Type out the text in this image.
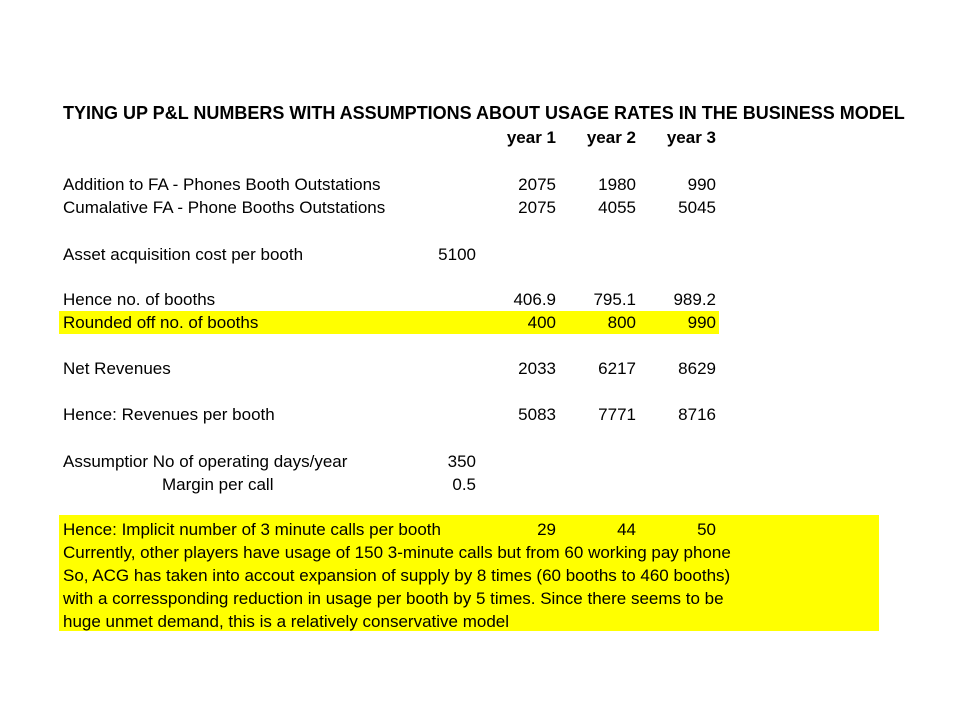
TYING UP P&L NUMBERS WITH ASSUMPTIONS ABOUT USAGE RATES IN THE BUSINESS MODEL
year 1	year 2	year 3
Addition to FA - Phones Booth Outstations	2075	1980	990
Cumalative FA - Phone Booths Outstations	2075	4055	5045
Asset acquisition cost per booth	5100
Hence no. of booths	406.9	795.1	989.2
Rounded off no. of booths	400	800	990
Net Revenues	2033	6217	8629
Hence: Revenues per booth	5083	7771	8716
Assumptior No of operating days/year	350
Margin per call	0.5
Hence: Implicit number of 3 minute calls per booth	29	44	50
Currently, other players have usage of 150 3-minute calls but from 60 working pay phone
So, ACG has taken into accout expansion of supply by 8 times (60 booths to 460 booths)
with a corressponding reduction in usage per booth by 5 times. Since there seems to be
huge unmet demand, this is a relatively conservative model
